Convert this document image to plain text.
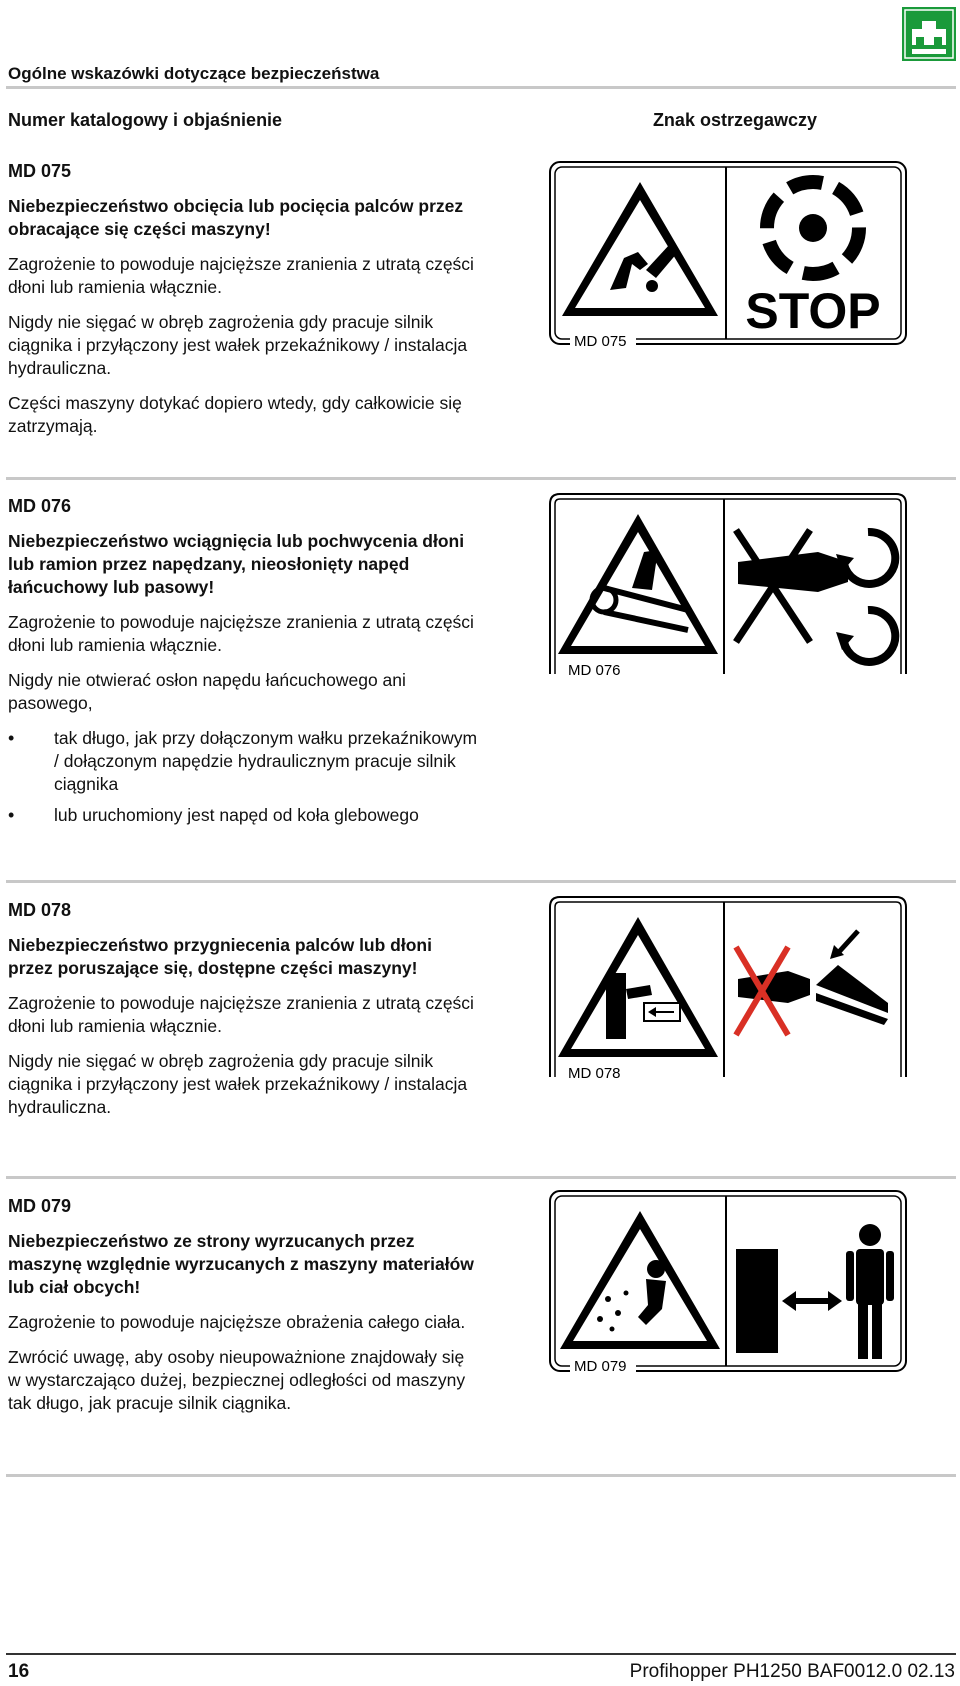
Ogólne wskazówki dotyczące bezpieczeństwa
Numer katalogowy i objaśnienie	Znak ostrzegawczy
MD 075
Niebezpieczeństwo obcięcia lub pocięcia palców przez obracające się części maszyny!

Zagrożenie to powoduje najcięższe zranienia z utratą części dłoni lub ramienia włącznie.

Nigdy nie sięgać w obręb zagrożenia gdy pracuje silnik ciągnika i przyłączony jest wałek przekaźnikowy / instalacja hydrauliczna.

Części maszyny dotykać dopiero wtedy, gdy całkowicie się zatrzymają.

STOP
MD 075
MD 076
Niebezpieczeństwo wciągnięcia lub pochwycenia dłoni lub ramion przez napędzany, nieosłonięty napęd łańcuchowy lub pasowy!

Zagrożenie to powoduje najcięższe zranienia z utratą części dłoni lub ramienia włącznie.

Nigdy nie otwierać osłon napędu łańcuchowego ani pasowego,

• tak długo, jak przy dołączonym wałku przekaźnikowym / dołączonym napędzie hydraulicznym pracuje silnik ciągnika
• lub uruchomiony jest napęd od koła glebowego
MD 076
MD 078
Niebezpieczeństwo przygniecenia palców lub dłoni przez poruszające się, dostępne części maszyny!

Zagrożenie to powoduje najcięższe zranienia z utratą części dłoni lub ramienia włącznie.

Nigdy nie sięgać w obręb zagrożenia gdy pracuje silnik ciągnika i przyłączony jest wałek przekaźnikowy / instalacja hydrauliczna.

MD 078
MD 079
Niebezpieczeństwo ze strony wyrzucanych przez maszynę względnie wyrzucanych z maszyny materiałów lub ciał obcych!

Zagrożenie to powoduje najcięższe obrażenia całego ciała.

Zwrócić uwagę, aby osoby nieupoważnione znajdowały się w wystarczająco dużej, bezpiecznej odległości od maszyny tak długo, jak pracuje silnik ciągnika.

MD 079
16	Profihopper PH1250 BAF0012.0 02.13
